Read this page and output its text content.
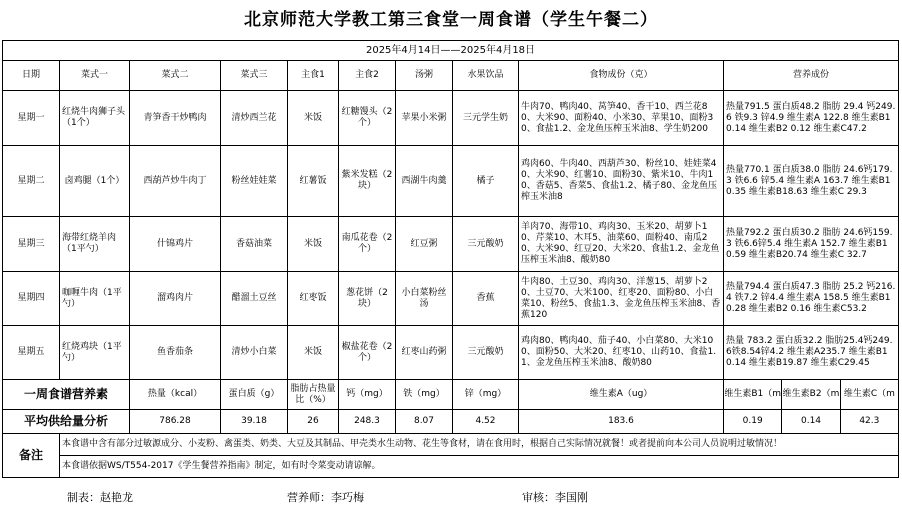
北京师范大学教工第三食堂一周食谱（学生午餐二）
2025年4月14日——2025年4月18日									
日期	菜式一	菜式二	菜式三	主食1	主食2	汤粥	水果饮品	食物成份（克）	营养成份
星期一	红烧牛肉狮子头（1个）	青笋香干炒鸭肉	清炒西兰花	米饭	红糖馒头（2个）	苹果小米粥	三元学生奶	牛肉70、鸭肉40、莴笋40、香干10、西兰花80、大米90、面粉40、小米30、苹果10、面粉30、食盐1.2、金龙鱼压榨玉米油8、学生奶200	热量791.5 蛋白质48.2 脂肪 29.4 钙249.6 铁9.3 锌4.9 维生素A 122.8 维生素B1 0.14 维生素B2 0.12 维生素C47.2
星期二	卤鸡腿（1个）	西葫芦炒牛肉丁	粉丝娃娃菜	红薯饭	紫米发糕（2块）	西湖牛肉羹	橘子	鸡肉60、牛肉40、西葫芦30、粉丝10、娃娃菜40、大米90、红薯10、面粉30、紫米10、牛肉10、香菇5、香菜5、食盐1.2、橘子80、金龙鱼压榨玉米油8	热量770.1 蛋白质38.0 脂肪 24.6钙179.3 铁6.6 锌5.4 维生素A 163.7 维生素B1 0.35 维生素B18.63 维生素C 29.3
星期三	海带红烧羊肉（1平勺）	什锦鸡片	香菇油菜	米饭	南瓜花卷（2个）	红豆粥	三元酸奶	羊肉70、海带10、鸡肉30、玉米20、胡萝卜10、芹菜10、木耳5、油菜60、面粉40、南瓜20、大米90、红豆20、大米20、食盐1.2、金龙鱼压榨玉米油8、酸奶80	热量792.2 蛋白质30.2 脂肪 24.6钙159.3 铁6.6锌5.4 维生素A 152.7 维生素B10.59 维生素B20.74 维生素C 32.7
星期四	咖喱牛肉（1平勺）	溜鸡肉片	醋溜土豆丝	红枣饭	葱花饼（2块）	小白菜粉丝汤	香蕉	牛肉80、土豆30、鸡肉30、洋葱15、胡萝卜20、土豆70、大米100、红枣20、面粉80、小白菜10、粉丝5、食盐1.3、金龙鱼压榨玉米油8、香蕉120	热量794.4 蛋白质47.3 脂肪 25.2 钙216.4 铁7.2 锌4.4 维生素A 158.5 维生素B1 0.28 维生素B2 0.16 维生素C53.2
星期五	红烧鸡块（1平勺）	鱼香茄条	清炒小白菜	米饭	椒盐花卷（2个）	红枣山药粥	三元酸奶	鸡肉80、鸭肉40、茄子40、小白菜80、大米100、面粉50、大米20、红枣10、山药10、食盐1.1、金龙鱼压榨玉米油8、酸奶80	热量 783.2 蛋白质32.2 脂肪25.4钙249.6铁8.54锌4.2 维生素A235.7 维生素B10.14 维生素B19.87 维生素C29.45
一周食谱营养素		热量（kcal）	蛋白质（g）	脂肪占热量比（%）	钙（mg）	铁（mg）	锌（mg）	维生素A（ug）	维生素B1（m 维生素B2（m 维生素C（m

平均供给量分析		786.28	39.18	26	248.3	8.07	4.52	183.6	0.19 0.14 42.3

备注	本食谱中含有部分过敏源成分、小麦粉、禽蛋类、奶类、大豆及其制品、甲壳类水生动物、花生等食材，请在食用时，根据自己实际情况就餐！或者提前向本公司人员说明过敏情况！								
	本食谱依据WS/T554-2017《学生餐营养指南》制定，如有时令菜变动请谅解。								
制表：赵艳龙	营养师：李巧梅	审核：李国刚
